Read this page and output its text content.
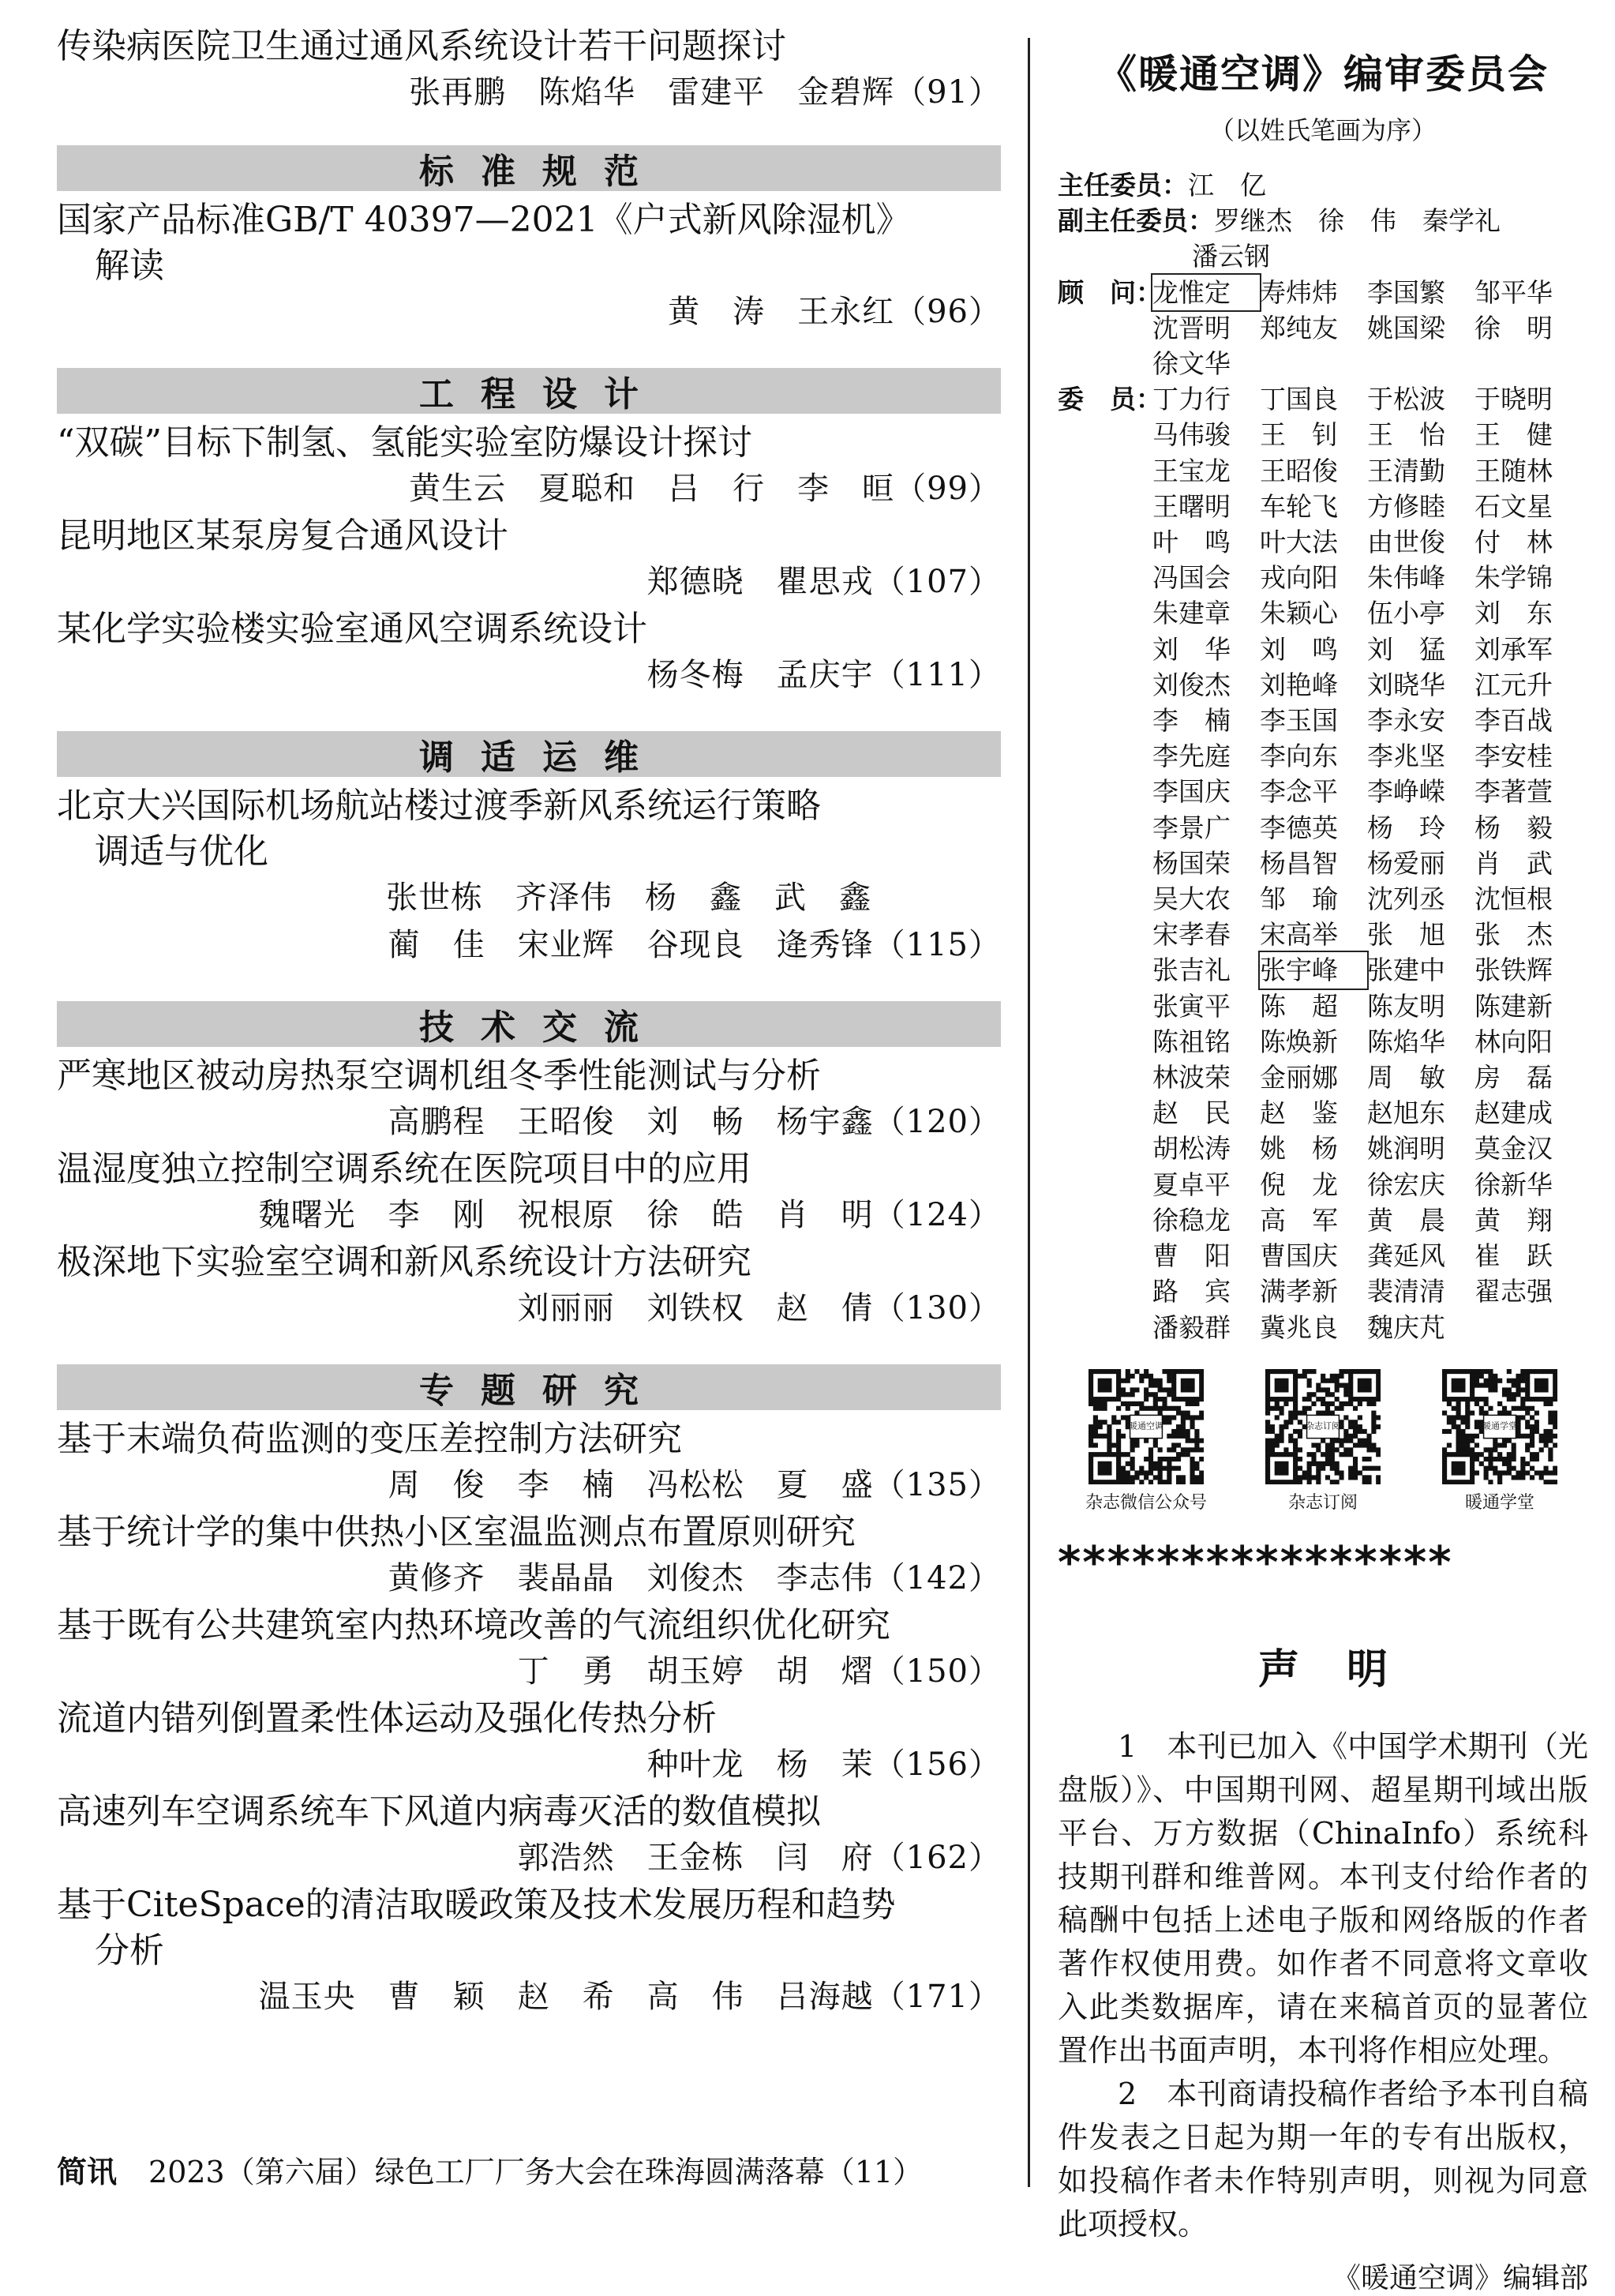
传染病医院卫生通过通风系统设计若干问题探讨

张再鹏　陈焰华　雷建平　金碧辉（91）

标准规范

国家产品标准GB/T 40397—2021《户式新风除湿机》
解读

黄　涛　王永红（96）

工程设计

“双碳”目标下制氢、氢能实验室防爆设计探讨

黄生云　夏聪和　吕　行　李　晅（99）

昆明地区某泵房复合通风设计

郑德晓　瞿思戎（107）

某化学实验楼实验室通风空调系统设计

杨冬梅　孟庆宇（111）

调适运维

北京大兴国际机场航站楼过渡季新风系统运行策略
调适与优化

张世栋　齐泽伟　杨　鑫　武　鑫　　　　

蔺　佳　宋业辉　谷现良　逄秀锋（115）

技术交流

严寒地区被动房热泵空调机组冬季性能测试与分析

高鹏程　王昭俊　刘　畅　杨宇鑫（120）

温湿度独立控制空调系统在医院项目中的应用

魏曙光　李　刚　祝根原　徐　皓　肖　明（124）

极深地下实验室空调和新风系统设计方法研究

刘丽丽　刘铁权　赵　倩（130）

专题研究

基于末端负荷监测的变压差控制方法研究

周　俊　李　楠　冯松松　夏　盛（135）

基于统计学的集中供热小区室温监测点布置原则研究

黄修齐　裴晶晶　刘俊杰　李志伟（142）

基于既有公共建筑室内热环境改善的气流组织优化研究

丁　勇　胡玉婷　胡　熠（150）

流道内错列倒置柔性体运动及强化传热分析

种叶龙　杨　茉（156）

高速列车空调系统车下风道内病毒灭活的数值模拟

郭浩然　王金栋　闫　府（162）

基于CiteSpace的清洁取暖政策及技术发展历程和趋势
分析

温玉央　曹　颖　赵　希　高　伟　吕海越（171）

简讯 2023（第六届）绿色工厂厂务大会在珠海圆满落幕（11）
《暖通空调》编审委员会
（以姓氏笔画为序）
主任委员： 江　亿
副主任委员： 罗继杰　徐　伟　秦学礼
潘云钢
顾　问：
龙惟定	寿炜炜	李国繁	邹平华
沈晋明	郑纯友	姚国梁	徐　明
徐文华
委　员：
丁力行	丁国良	于松波	于晓明
马伟骏	王　钊	王　怡	王　健
王宝龙	王昭俊	王清勤	王随林
王曙明	车轮飞	方修睦	石文星
叶　鸣	叶大法	由世俊	付　林
冯国会	戎向阳	朱伟峰	朱学锦
朱建章	朱颖心	伍小亭	刘　东
刘　华	刘　鸣	刘　猛	刘承军
刘俊杰	刘艳峰	刘晓华	江元升
李　楠	李玉国	李永安	李百战
李先庭	李向东	李兆坚	李安桂
李国庆	李念平	李峥嵘	李著萱
李景广	李德英	杨　玲	杨　毅
杨国荣	杨昌智	杨爱丽	肖　武
吴大农	邹　瑜	沈列丞	沈恒根
宋孝春	宋高举	张　旭	张　杰
张吉礼	张宇峰	张建中	张铁辉
张寅平	陈　超	陈友明	陈建新
陈祖铭	陈焕新	陈焰华	林向阳
林波荣	金丽娜	周　敏	房　磊
赵　民	赵　鉴	赵旭东	赵建成
胡松涛	姚　杨	姚润明	莫金汉
夏卓平	倪　龙	徐宏庆	徐新华
徐稳龙	高　军	黄　晨	黄　翔
曹　阳	曹国庆	龚延风	崔　跃
路　宾	满孝新	裴清清	翟志强
潘毅群	冀兆良	魏庆芃
暖通空调
杂志微信公众号
杂志订阅
杂志订阅
暖通学堂
暖通学堂
****************
声明

1　本刊已加入《中国学术期刊（光盘版）》、中国期刊网、超星期刊域出版平台、万方数据（ChinaInfo）系统科技期刊群和维普网。本刊支付给作者的稿酬中包括上述电子版和网络版的作者著作权使用费。如作者不同意将文章收入此类数据库，请在来稿首页的显著位置作出书面声明，本刊将作相应处理。

2　本刊商请投稿作者给予本刊自稿件发表之日起为期一年的专有出版权，如投稿作者未作特别声明，则视为同意此项授权。

《暖通空调》编辑部
